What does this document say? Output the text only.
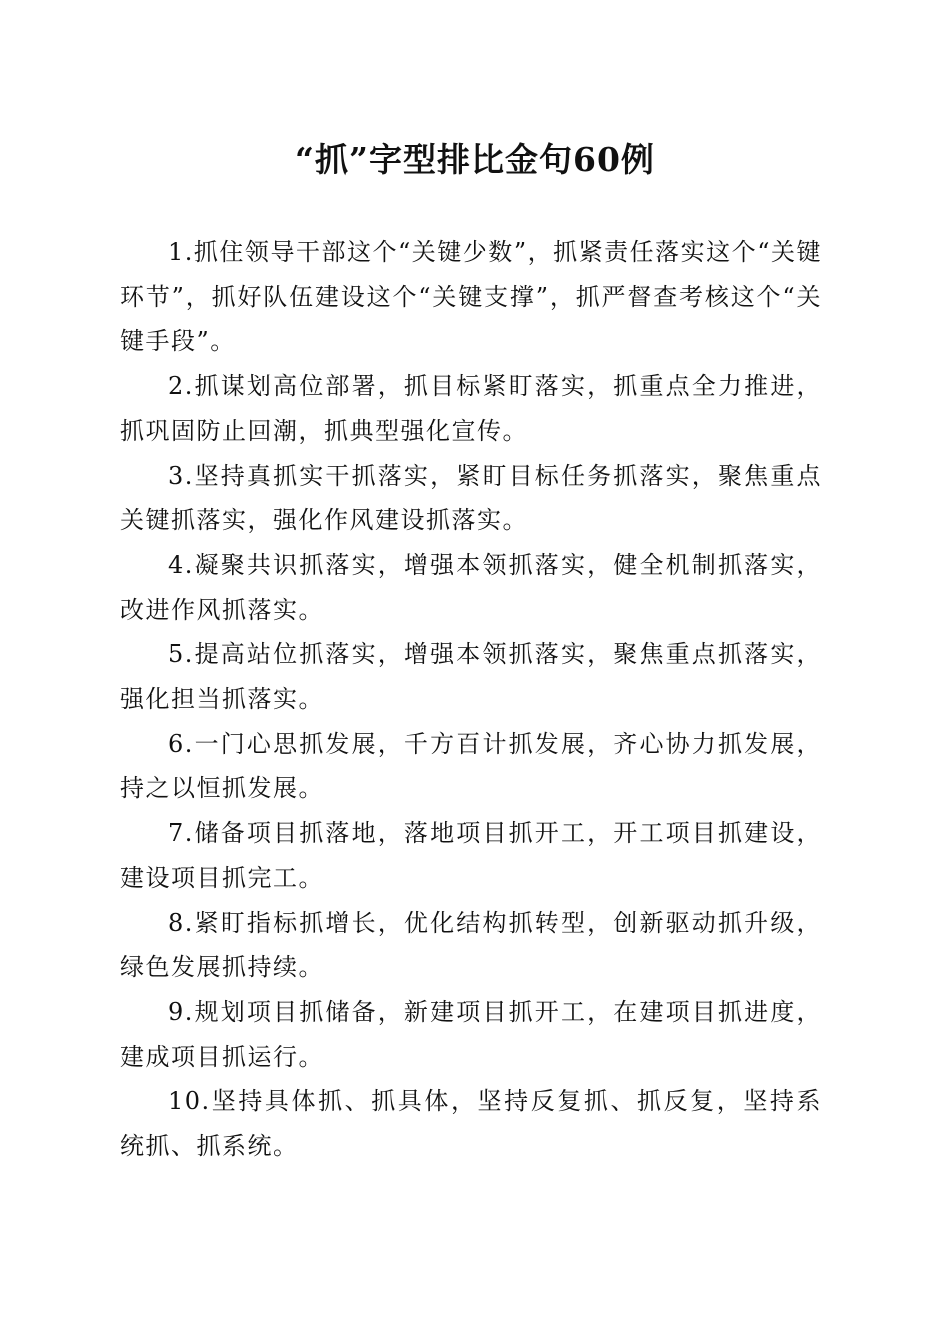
“抓”字型排比金句60例

1.抓住领导干部这个“关键少数”，抓紧责任落实这个“关键环节”，抓好队伍建设这个“关键支撑”，抓严督查考核这个“关键手段”。

2.抓谋划高位部署，抓目标紧盯落实，抓重点全力推进，抓巩固防止回潮，抓典型强化宣传。

3.坚持真抓实干抓落实，紧盯目标任务抓落实，聚焦重点关键抓落实，强化作风建设抓落实。

4.凝聚共识抓落实，增强本领抓落实，健全机制抓落实，改进作风抓落实。

5.提高站位抓落实，增强本领抓落实，聚焦重点抓落实，强化担当抓落实。

6.一门心思抓发展，千方百计抓发展，齐心协力抓发展，持之以恒抓发展。

7.储备项目抓落地，落地项目抓开工，开工项目抓建设，建设项目抓完工。

8.紧盯指标抓增长，优化结构抓转型，创新驱动抓升级，绿色发展抓持续。

9.规划项目抓储备，新建项目抓开工，在建项目抓进度，建成项目抓运行。

10.坚持具体抓、抓具体，坚持反复抓、抓反复，坚持系统抓、抓系统。
